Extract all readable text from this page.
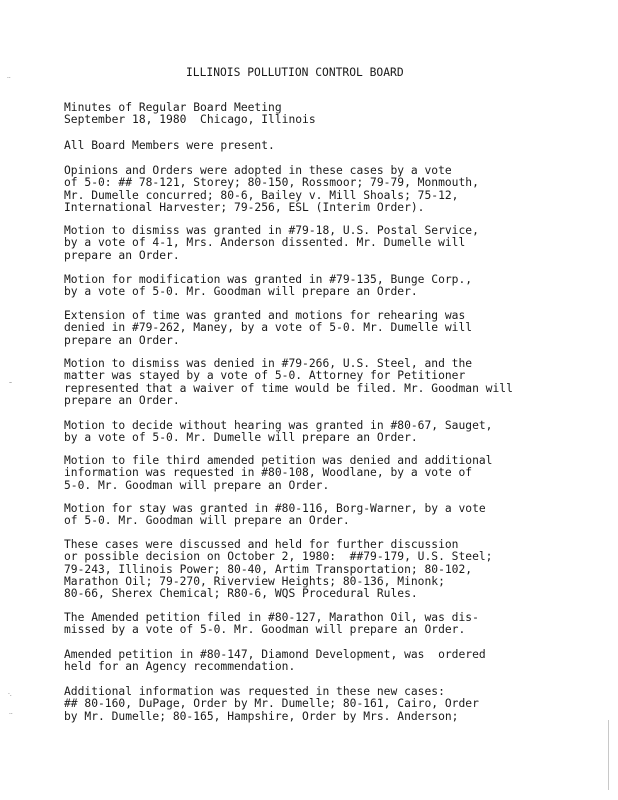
..
–
·.
··
ILLINOIS POLLUTION CONTROL BOARD

Minutes of Regular Board Meeting
September 18, 1980  Chicago, Illinois

All Board Members were present.

Opinions and Orders were adopted in these cases by a vote
of 5-0: ## 78-121, Storey; 80-150, Rossmoor; 79-79, Monmouth,
Mr. Dumelle concurred; 80-6, Bailey v. Mill Shoals; 75-12,
International Harvester; 79-256, ESL (Interim Order).

Motion to dismiss was granted in #79-18, U.S. Postal Service,
by a vote of 4-1, Mrs. Anderson dissented. Mr. Dumelle will
prepare an Order.

Motion for modification was granted in #79-135, Bunge Corp.,
by a vote of 5-0. Mr. Goodman will prepare an Order.

Extension of time was granted and motions for rehearing was
denied in #79-262, Maney, by a vote of 5-0. Mr. Dumelle will
prepare an Order.

Motion to dismiss was denied in #79-266, U.S. Steel, and the
matter was stayed by a vote of 5-0. Attorney for Petitioner
represented that a waiver of time would be filed. Mr. Goodman will
prepare an Order.

Motion to decide without hearing was granted in #80-67, Sauget,
by a vote of 5-0. Mr. Dumelle will prepare an Order.

Motion to file third amended petition was denied and additional
information was requested in #80-108, Woodlane, by a vote of
5-0. Mr. Goodman will prepare an Order.

Motion for stay was granted in #80-116, Borg-Warner, by a vote
of 5-0. Mr. Goodman will prepare an Order.

These cases were discussed and held for further discussion
or possible decision on October 2, 1980:  ##79-179, U.S. Steel;
79-243, Illinois Power; 80-40, Artim Transportation; 80-102,
Marathon Oil; 79-270, Riverview Heights; 80-136, Minonk;
80-66, Sherex Chemical; R80-6, WQS Procedural Rules.

The Amended petition filed in #80-127, Marathon Oil, was dis-
missed by a vote of 5-0. Mr. Goodman will prepare an Order.

Amended petition in #80-147, Diamond Development, was  ordered
held for an Agency recommendation.

Additional information was requested in these new cases:
## 80-160, DuPage, Order by Mr. Dumelle; 80-161, Cairo, Order
by Mr. Dumelle; 80-165, Hampshire, Order by Mrs. Anderson;
